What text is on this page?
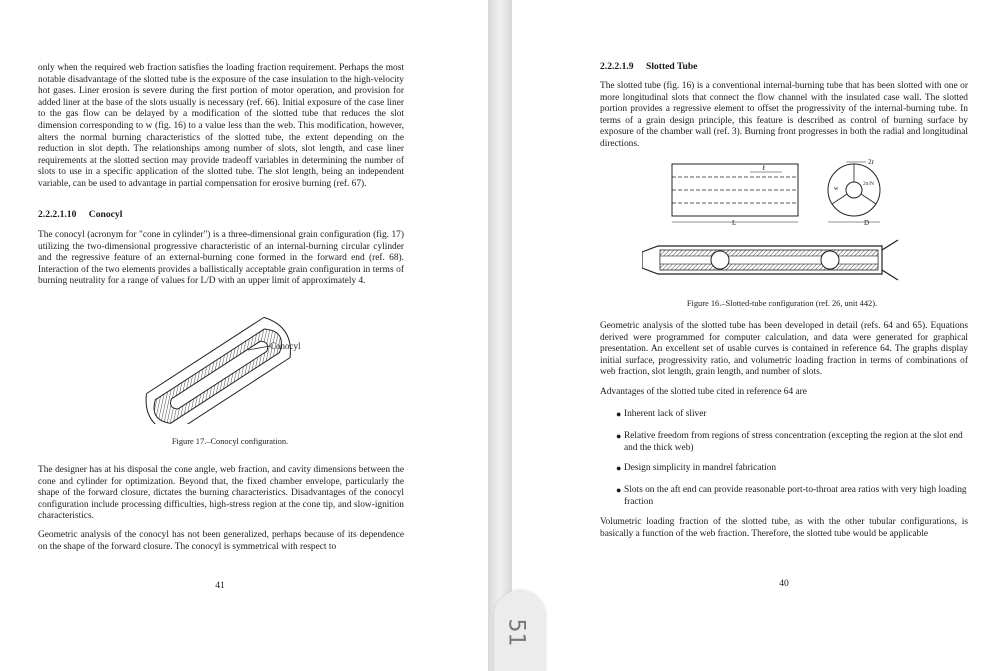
only when the required web fraction satisfies the loading fraction requirement. Perhaps the most notable disadvantage of the slotted tube is the exposure of the case insulation to the high-velocity hot gases. Liner erosion is severe during the first portion of motor operation, and provision for added liner at the base of the slots usually is necessary (ref. 66). Initial exposure of the case liner to the gas flow can be delayed by a modification of the slotted tube that reduces the slot dimension corresponding to w (fig. 16) to a value less than the web. This modification, however, alters the normal burning characteristics of the slotted tube, the extent depending on the reduction in slot depth. The relationships among number of slots, slot length, and case liner requirements at the slotted section may provide tradeoff variables in determining the number of slots to use in a specific application of the slotted tube. The slot length, being an independent variable, can be used to advantage in partial compensation for erosive burning (ref. 67).

2.2.2.1.10 Conocyl

The conocyl (acronym for "cone in cylinder") is a three-dimensional grain configuration (fig. 17) utilizing the two-dimensional progressive characteristic of an internal-burning circular cylinder and the regressive feature of an external-burning cone formed in the forward end (ref. 68). Interaction of the two elements provides a ballistically acceptable grain configuration in terms of burning neutrality for a range of values for L/D with an upper limit of approximately 4.

Conocyl

Figure 17.–Conocyl configuration.

The designer has at his disposal the cone angle, web fraction, and cavity dimensions between the cone and cylinder for optimization. Beyond that, the fixed chamber envelope, particularly the shape of the forward closure, dictates the burning characteristics. Disadvantages of the conocyl configuration include processing difficulties, high-stress region at the cone tip, and slow-ignition characteristics.

Geometric analysis of the conocyl has not been generalized, perhaps because of its dependence on the shape of the forward closure. The conocyl is symmetrical with respect to

41

2.2.2.1.9 Slotted Tube

The slotted tube (fig. 16) is a conventional internal-burning tube that has been slotted with one or more longitudinal slots that connect the flow channel with the insulated case wall. The slotted portion provides a regressive element to offset the progressivity of the internal-burning tube. In terms of a grain design principle, this feature is described as control of burning surface by exposure of the chamber wall (ref. 3). Burning front progresses in both the radial and longitudinal directions.

ℓ
L
2r
w
2π/N
D

Figure 16.–Slotted-tube configuration (ref. 26, unit 442).

Geometric analysis of the slotted tube has been developed in detail (refs. 64 and 65). Equations derived were programmed for computer calculation, and data were generated for graphical presentation. An excellent set of usable curves is contained in reference 64. The graphs display initial surface, progressivity ratio, and volumetric loading fraction in terms of combinations of web fraction, slot length, grain length, and number of slots.

Advantages of the slotted tube cited in reference 64 are

● Inherent lack of sliver
● Relative freedom from regions of stress concentration (excepting the region at the slot end and the thick web)
● Design simplicity in mandrel fabrication
● Slots on the aft end can provide reasonable port-to-throat area ratios with very high loading fraction

Volumetric loading fraction of the slotted tube, as with the other tubular configurations, is basically a function of the web fraction. Therefore, the slotted tube would be applicable

40

51
